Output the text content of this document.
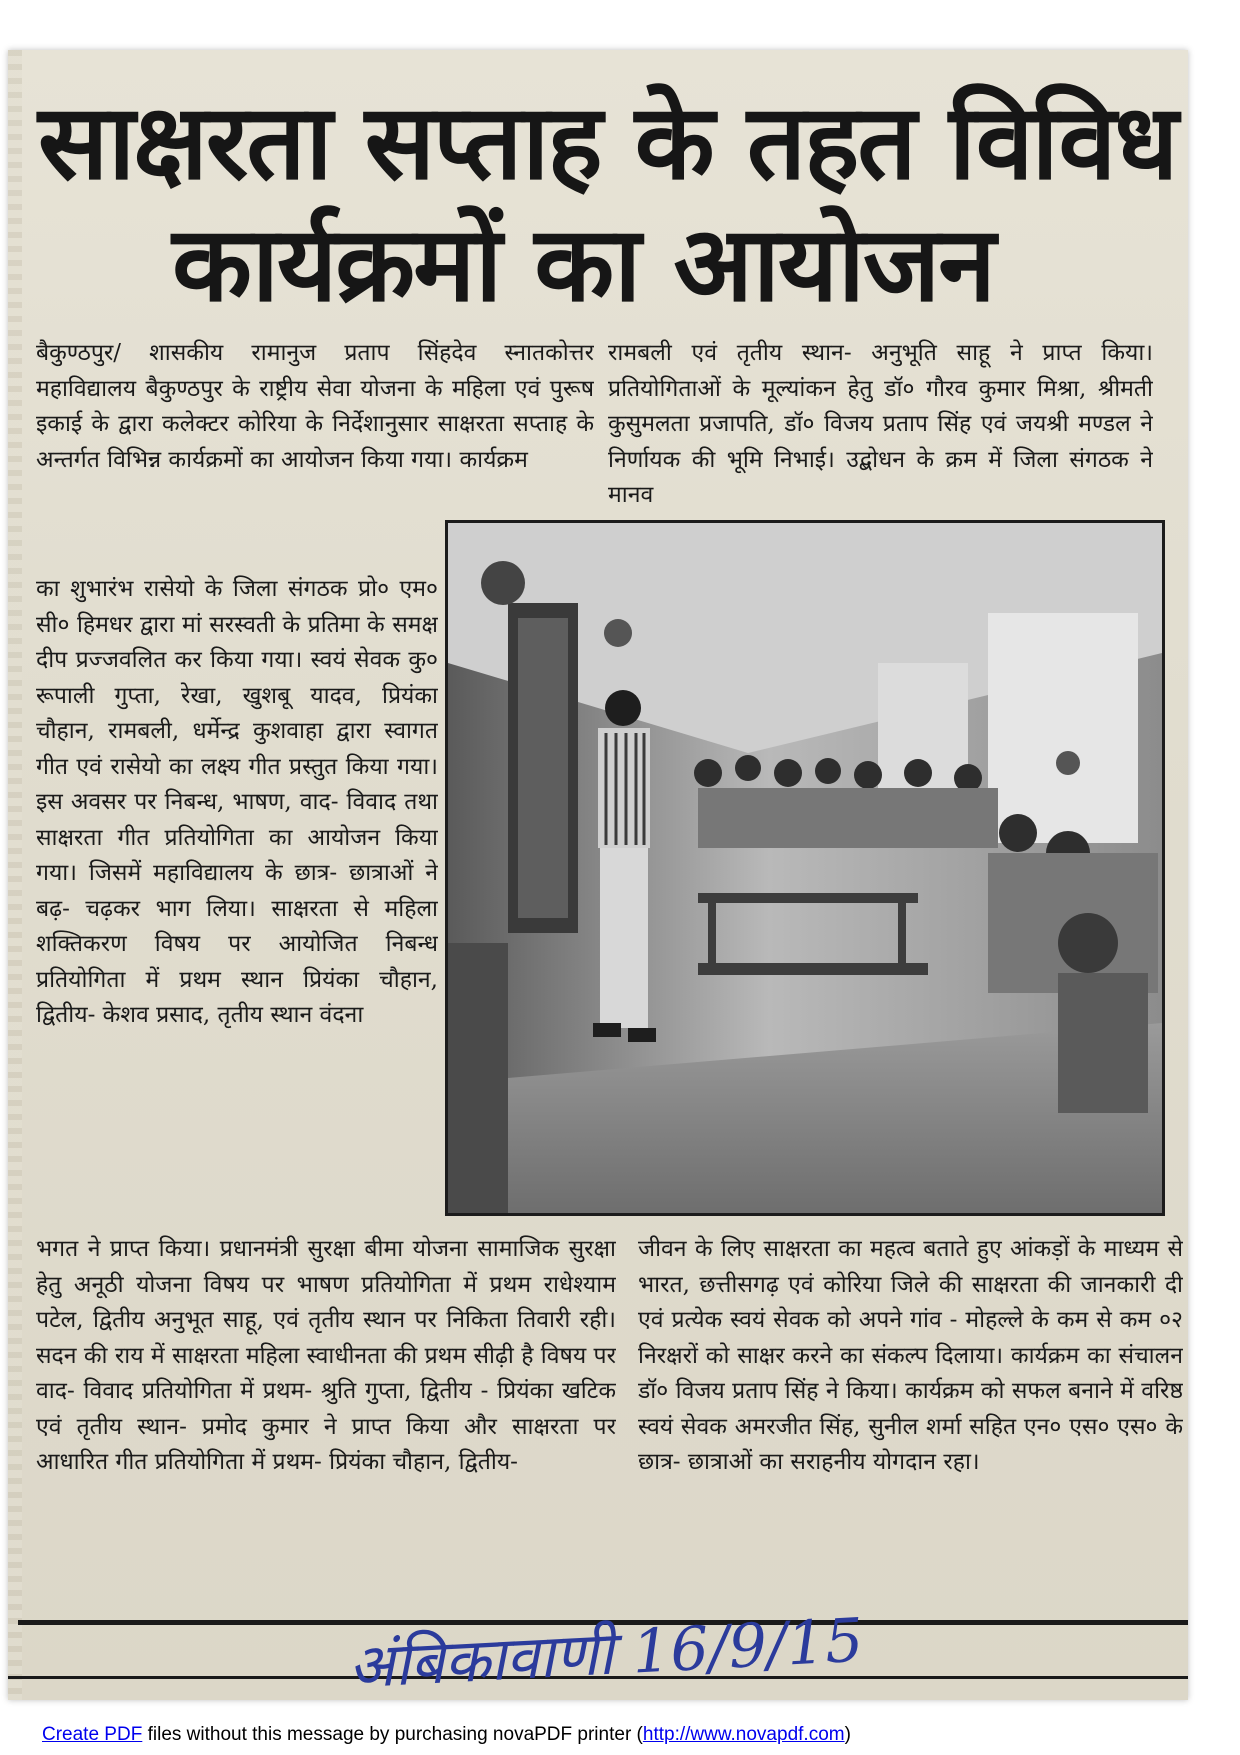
साक्षरता सप्ताह के तहत विविध
कार्यक्रमों का आयोजन

बैकुण्ठपुर/ शासकीय रामानुज प्रताप सिंहदेव स्नातकोत्तर महाविद्यालय बैकुण्ठपुर के राष्ट्रीय सेवा योजना के महिला एवं पुरूष इकाई के द्वारा कलेक्टर कोरिया के निर्देशानुसार साक्षरता सप्ताह के अन्तर्गत विभिन्न कार्यक्रमों का आयोजन किया गया। कार्यक्रम

रामबली एवं तृतीय स्थान- अनुभूति साहू ने प्राप्त किया। प्रतियोगिताओं के मूल्यांकन हेतु डॉ० गौरव कुमार मिश्रा, श्रीमती कुसुमलता प्रजापति, डॉ० विजय प्रताप सिंह एवं जयश्री मण्डल ने निर्णायक की भूमि निभाई। उद्बोधन के क्रम में जिला संगठक ने मानव

का शुभारंभ रासेयो के जिला संगठक प्रो० एम० सी० हिमधर द्वारा मां सरस्वती के प्रतिमा के समक्ष दीप प्रज्जवलित कर किया गया। स्वयं सेवक कु० रूपाली गुप्ता, रेखा, खुशबू यादव, प्रियंका चौहान, रामबली, धर्मेन्द्र कुशवाहा द्वारा स्वागत गीत एवं रासेयो का लक्ष्य गीत प्रस्तुत किया गया। इस अवसर पर निबन्ध, भाषण, वाद- विवाद तथा साक्षरता गीत प्रतियोगिता का आयोजन किया गया। जिसमें महाविद्यालय के छात्र- छात्राओं ने बढ़- चढ़कर भाग लिया। साक्षरता से महिला शक्तिकरण विषय पर आयोजित निबन्ध प्रतियोगिता में प्रथम स्थान प्रियंका चौहान, द्वितीय- केशव प्रसाद, तृतीय स्थान वंदना

भगत ने प्राप्त किया। प्रधानमंत्री सुरक्षा बीमा योजना सामाजिक सुरक्षा हेतु अनूठी योजना विषय पर भाषण प्रतियोगिता में प्रथम राधेश्याम पटेल, द्वितीय अनुभूत साहू, एवं तृतीय स्थान पर निकिता तिवारी रही। सदन की राय में साक्षरता महिला स्वाधीनता की प्रथम सीढ़ी है विषय पर वाद- विवाद प्रतियोगिता में प्रथम- श्रुति गुप्ता, द्वितीय - प्रियंका खटिक एवं तृतीय स्थान- प्रमोद कुमार ने प्राप्त किया और साक्षरता पर आधारित गीत प्रतियोगिता में प्रथम- प्रियंका चौहान, द्वितीय-

जीवन के लिए साक्षरता का महत्व बताते हुए आंकड़ों के माध्यम से भारत, छत्तीसगढ़ एवं कोरिया जिले की साक्षरता की जानकारी दी एवं प्रत्येक स्वयं सेवक को अपने गांव - मोहल्ले के कम से कम ०२ निरक्षरों को साक्षर करने का संकल्प दिलाया। कार्यक्रम का संचालन डॉ० विजय प्रताप सिंह ने किया। कार्यक्रम को सफल बनाने में वरिष्ठ स्वयं सेवक अमरजीत सिंह, सुनील शर्मा सहित एन० एस० एस० के छात्र- छात्राओं का सराहनीय योगदान रहा।

अंबिकावाणी 16/9/15
Create PDF files without this message by purchasing novaPDF printer (http://www.novapdf.com)
